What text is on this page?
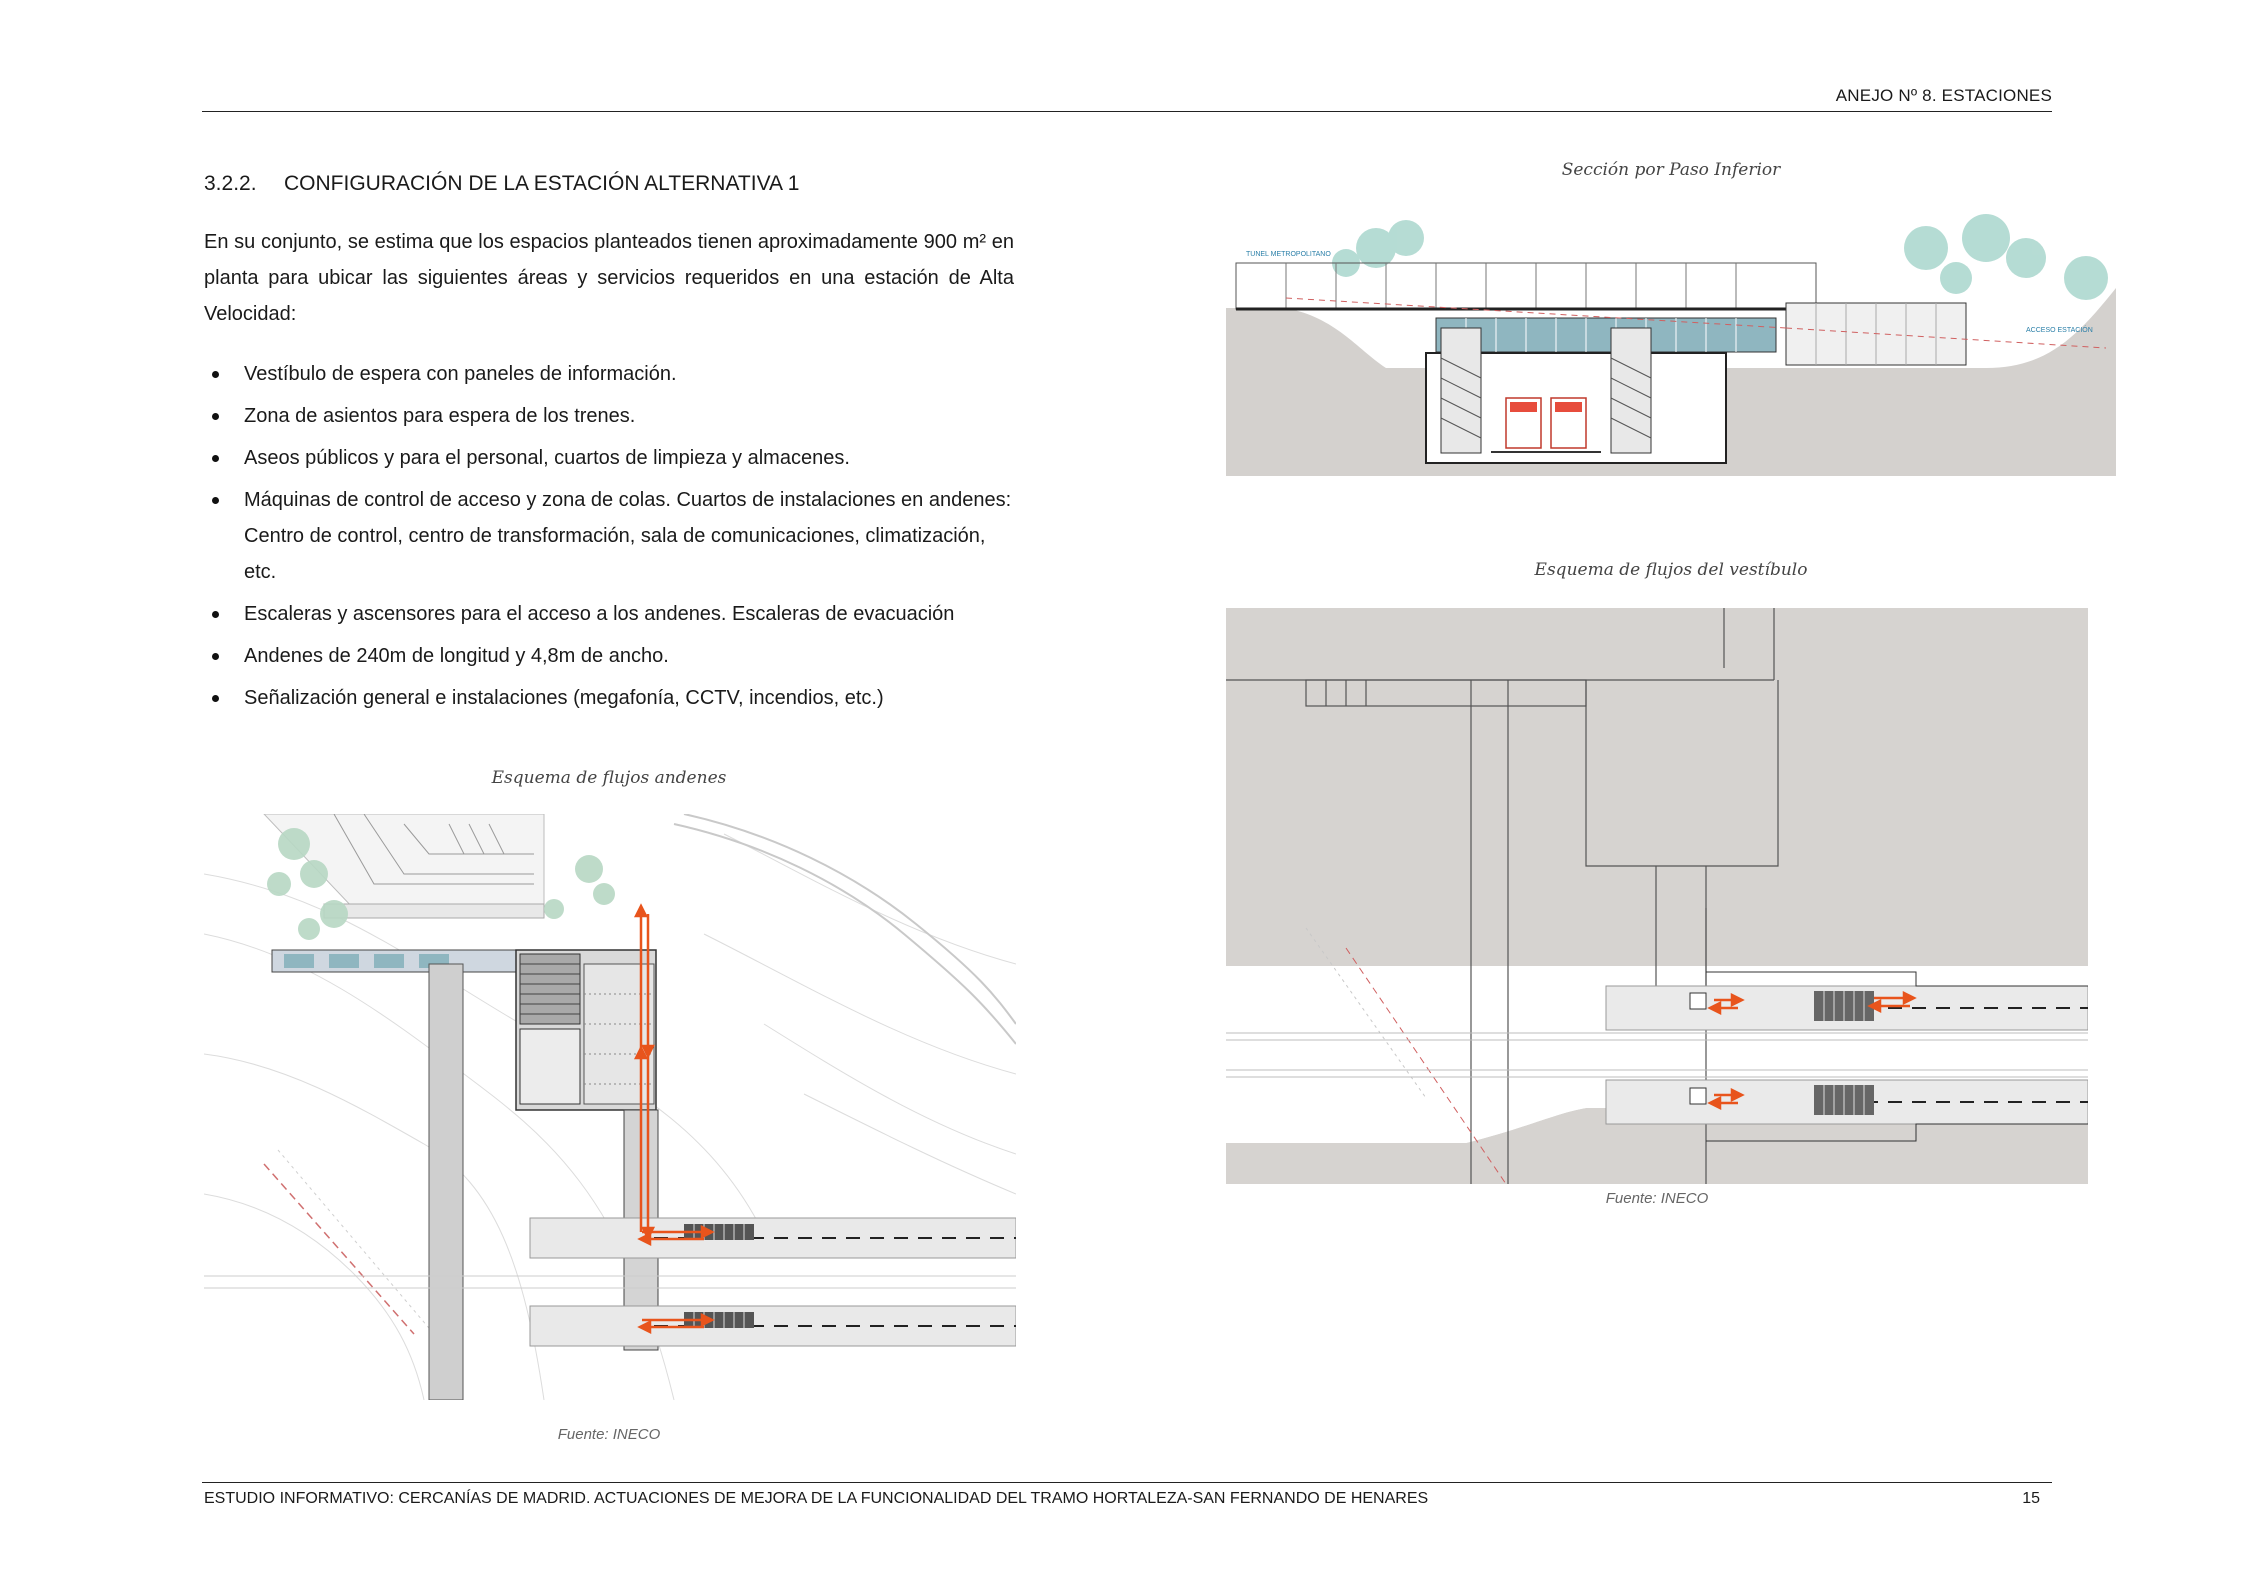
ANEJO Nº 8. ESTACIONES
3.2.2. CONFIGURACIÓN DE LA ESTACIÓN ALTERNATIVA 1
En su conjunto, se estima que los espacios planteados tienen aproximadamente 900 m² en planta para ubicar las siguientes áreas y servicios requeridos en una estación de Alta Velocidad:
Vestíbulo de espera con paneles de información.
Zona de asientos para espera de los trenes.
Aseos públicos y para el personal, cuartos de limpieza y almacenes.
Máquinas de control de acceso y zona de colas. Cuartos de instalaciones en andenes: Centro de control, centro de transformación, sala de comunicaciones, climatización, etc.
Escaleras y ascensores para el acceso a los andenes. Escaleras de evacuación
Andenes de 240m de longitud y 4,8m de ancho.
Señalización general e instalaciones (megafonía, CCTV, incendios, etc.)
Esquema de flujos andenes
Fuente: INECO
Sección por Paso Inferior
TUNEL METROPOLITANO
ACCESO ESTACIÓN
Esquema de flujos del vestíbulo
Fuente: INECO
ESTUDIO INFORMATIVO: CERCANÍAS DE MADRID. ACTUACIONES DE MEJORA DE LA FUNCIONALIDAD DEL TRAMO HORTALEZA-SAN FERNANDO DE HENARES	15
